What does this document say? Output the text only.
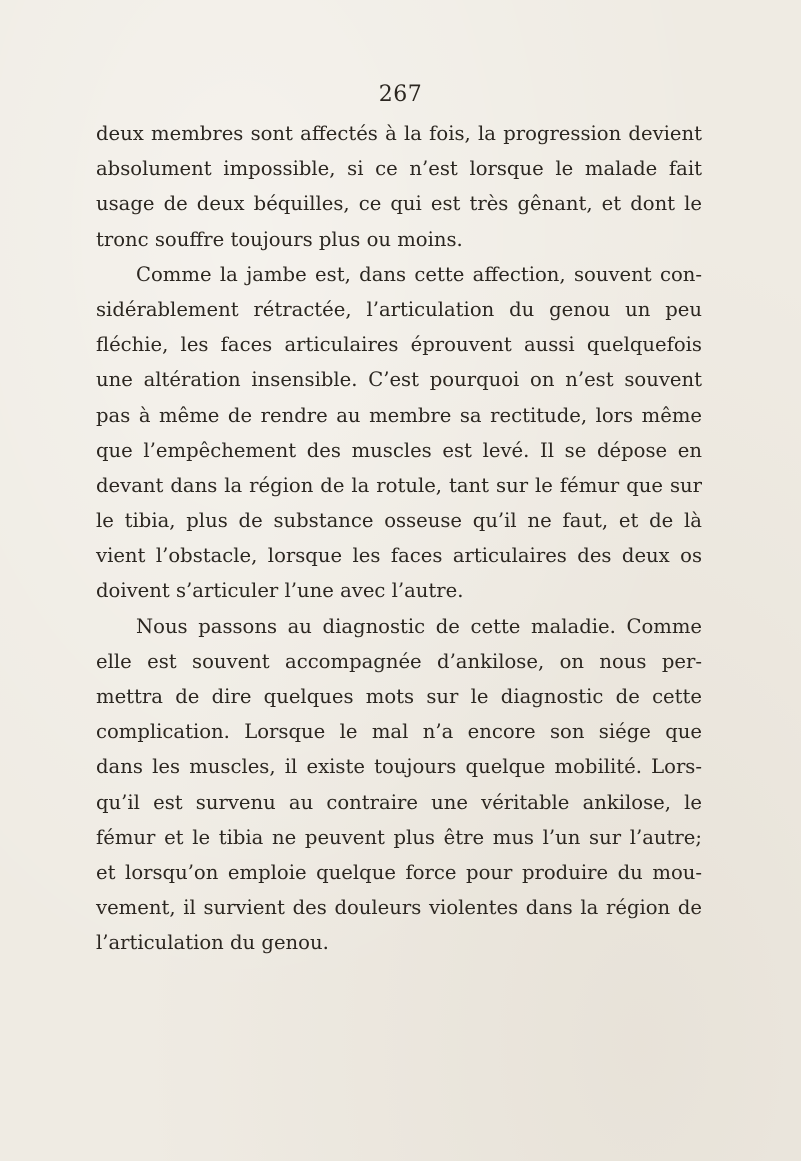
267
deux membres sont affectés à la fois, la progression devient
absolument impossible, si ce n’est lorsque le malade fait
usage de deux béquilles, ce qui est très gênant, et dont le
tronc souffre toujours plus ou moins.
Comme la jambe est, dans cette affection, souvent con-
sidérablement rétractée, l’articulation du genou un peu
fléchie, les faces articulaires éprouvent aussi quelquefois
une altération insensible. C’est pourquoi on n’est souvent
pas à même de rendre au membre sa rectitude, lors même
que l’empêchement des muscles est levé. Il se dépose en
devant dans la région de la rotule, tant sur le fémur que sur
le tibia, plus de substance osseuse qu’il ne faut, et de là
vient l’obstacle, lorsque les faces articulaires des deux os
doivent s’articuler l’une avec l’autre.
Nous passons au diagnostic de cette maladie. Comme
elle est souvent accompagnée d’ankilose, on nous per-
mettra de dire quelques mots sur le diagnostic de cette
complication. Lorsque le mal n’a encore son siége que
dans les muscles, il existe toujours quelque mobilité. Lors-
qu’il est survenu au contraire une véritable ankilose, le
fémur et le tibia ne peuvent plus être mus l’un sur l’autre;
et lorsqu’on emploie quelque force pour produire du mou-
vement, il survient des douleurs violentes dans la région de
l’articulation du genou.
